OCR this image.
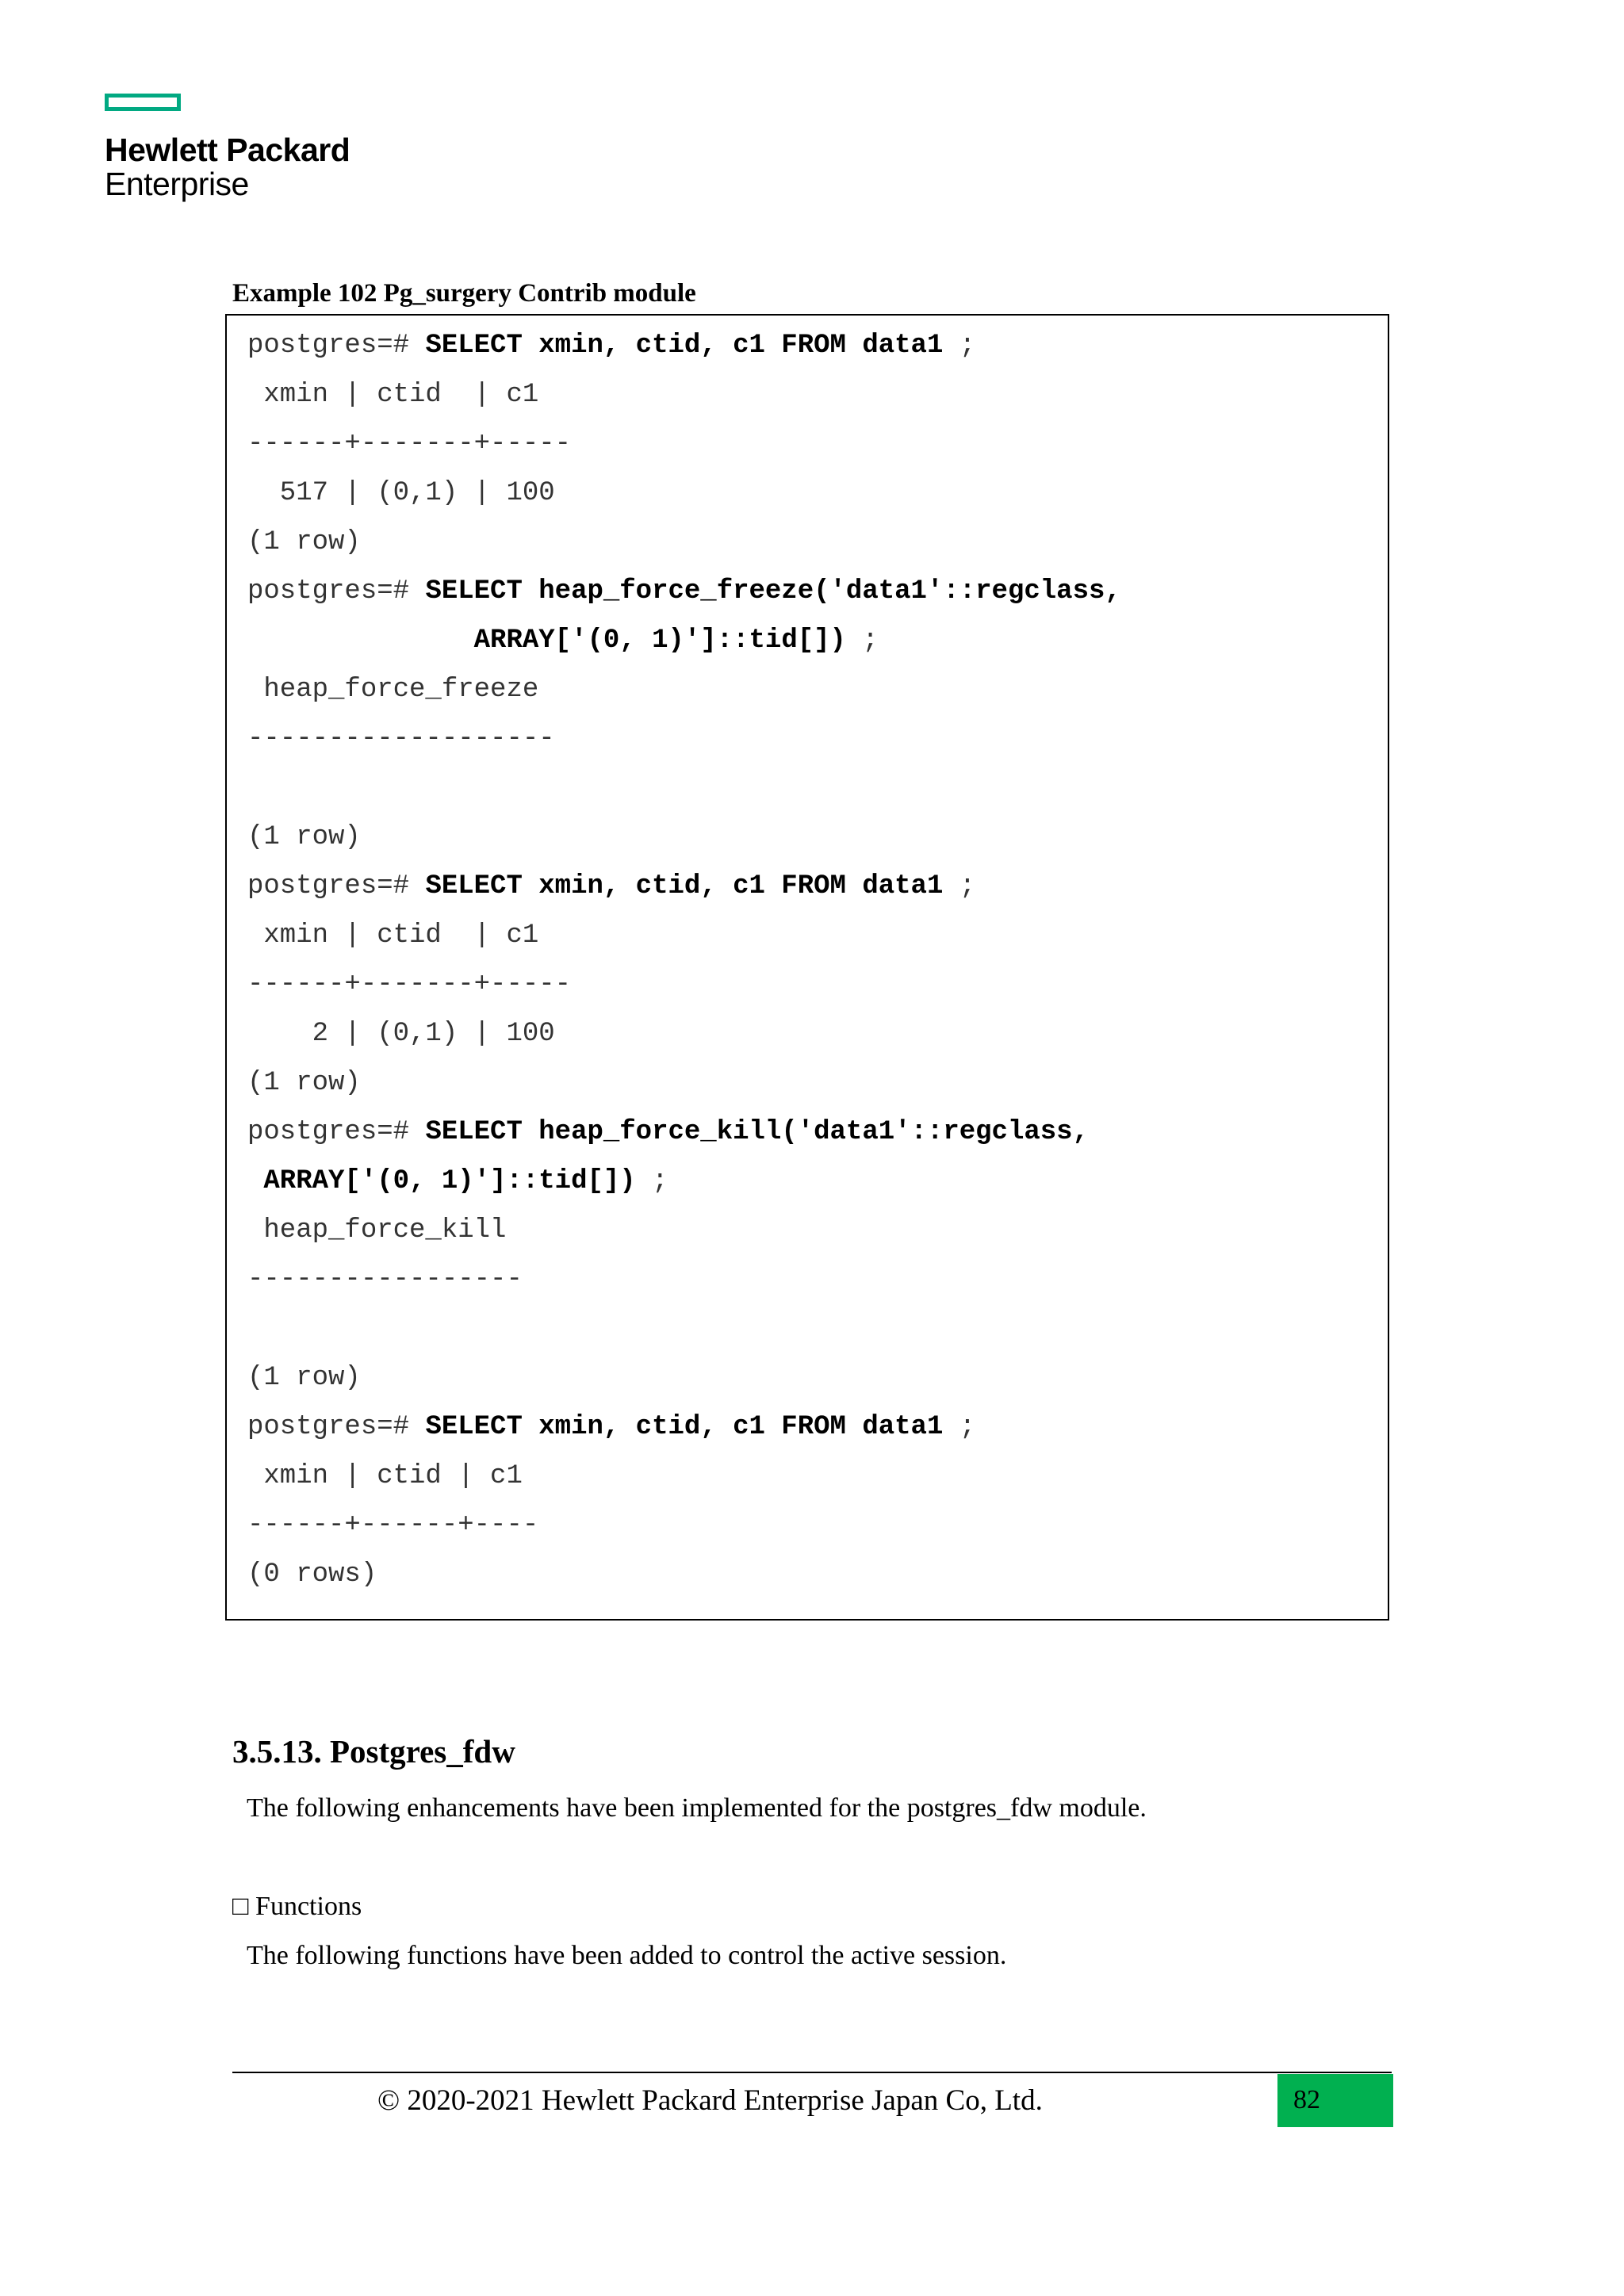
Hewlett Packard
Enterprise
Example 102 Pg_surgery Contrib module
postgres=# SELECT xmin, ctid, c1 FROM data1 ;
xmin | ctid  | c1
------+-------+-----
517 | (0,1) | 100
(1 row)
postgres=# SELECT heap_force_freeze('data1'::regclass,
ARRAY['(0, 1)']::tid[]) ;
heap_force_freeze
-------------------
(1 row)
postgres=# SELECT xmin, ctid, c1 FROM data1 ;
xmin | ctid  | c1
------+-------+-----
2 | (0,1) | 100
(1 row)
postgres=# SELECT heap_force_kill('data1'::regclass,
ARRAY['(0, 1)']::tid[]) ;
heap_force_kill
-----------------
(1 row)
postgres=# SELECT xmin, ctid, c1 FROM data1 ;
xmin | ctid | c1
------+------+----
(0 rows)
3.5.13. Postgres_fdw
The following enhancements have been implemented for the postgres_fdw module.
□ Functions
The following functions have been added to control the active session.
© 2020-2021 Hewlett Packard Enterprise Japan Co, Ltd.	82
